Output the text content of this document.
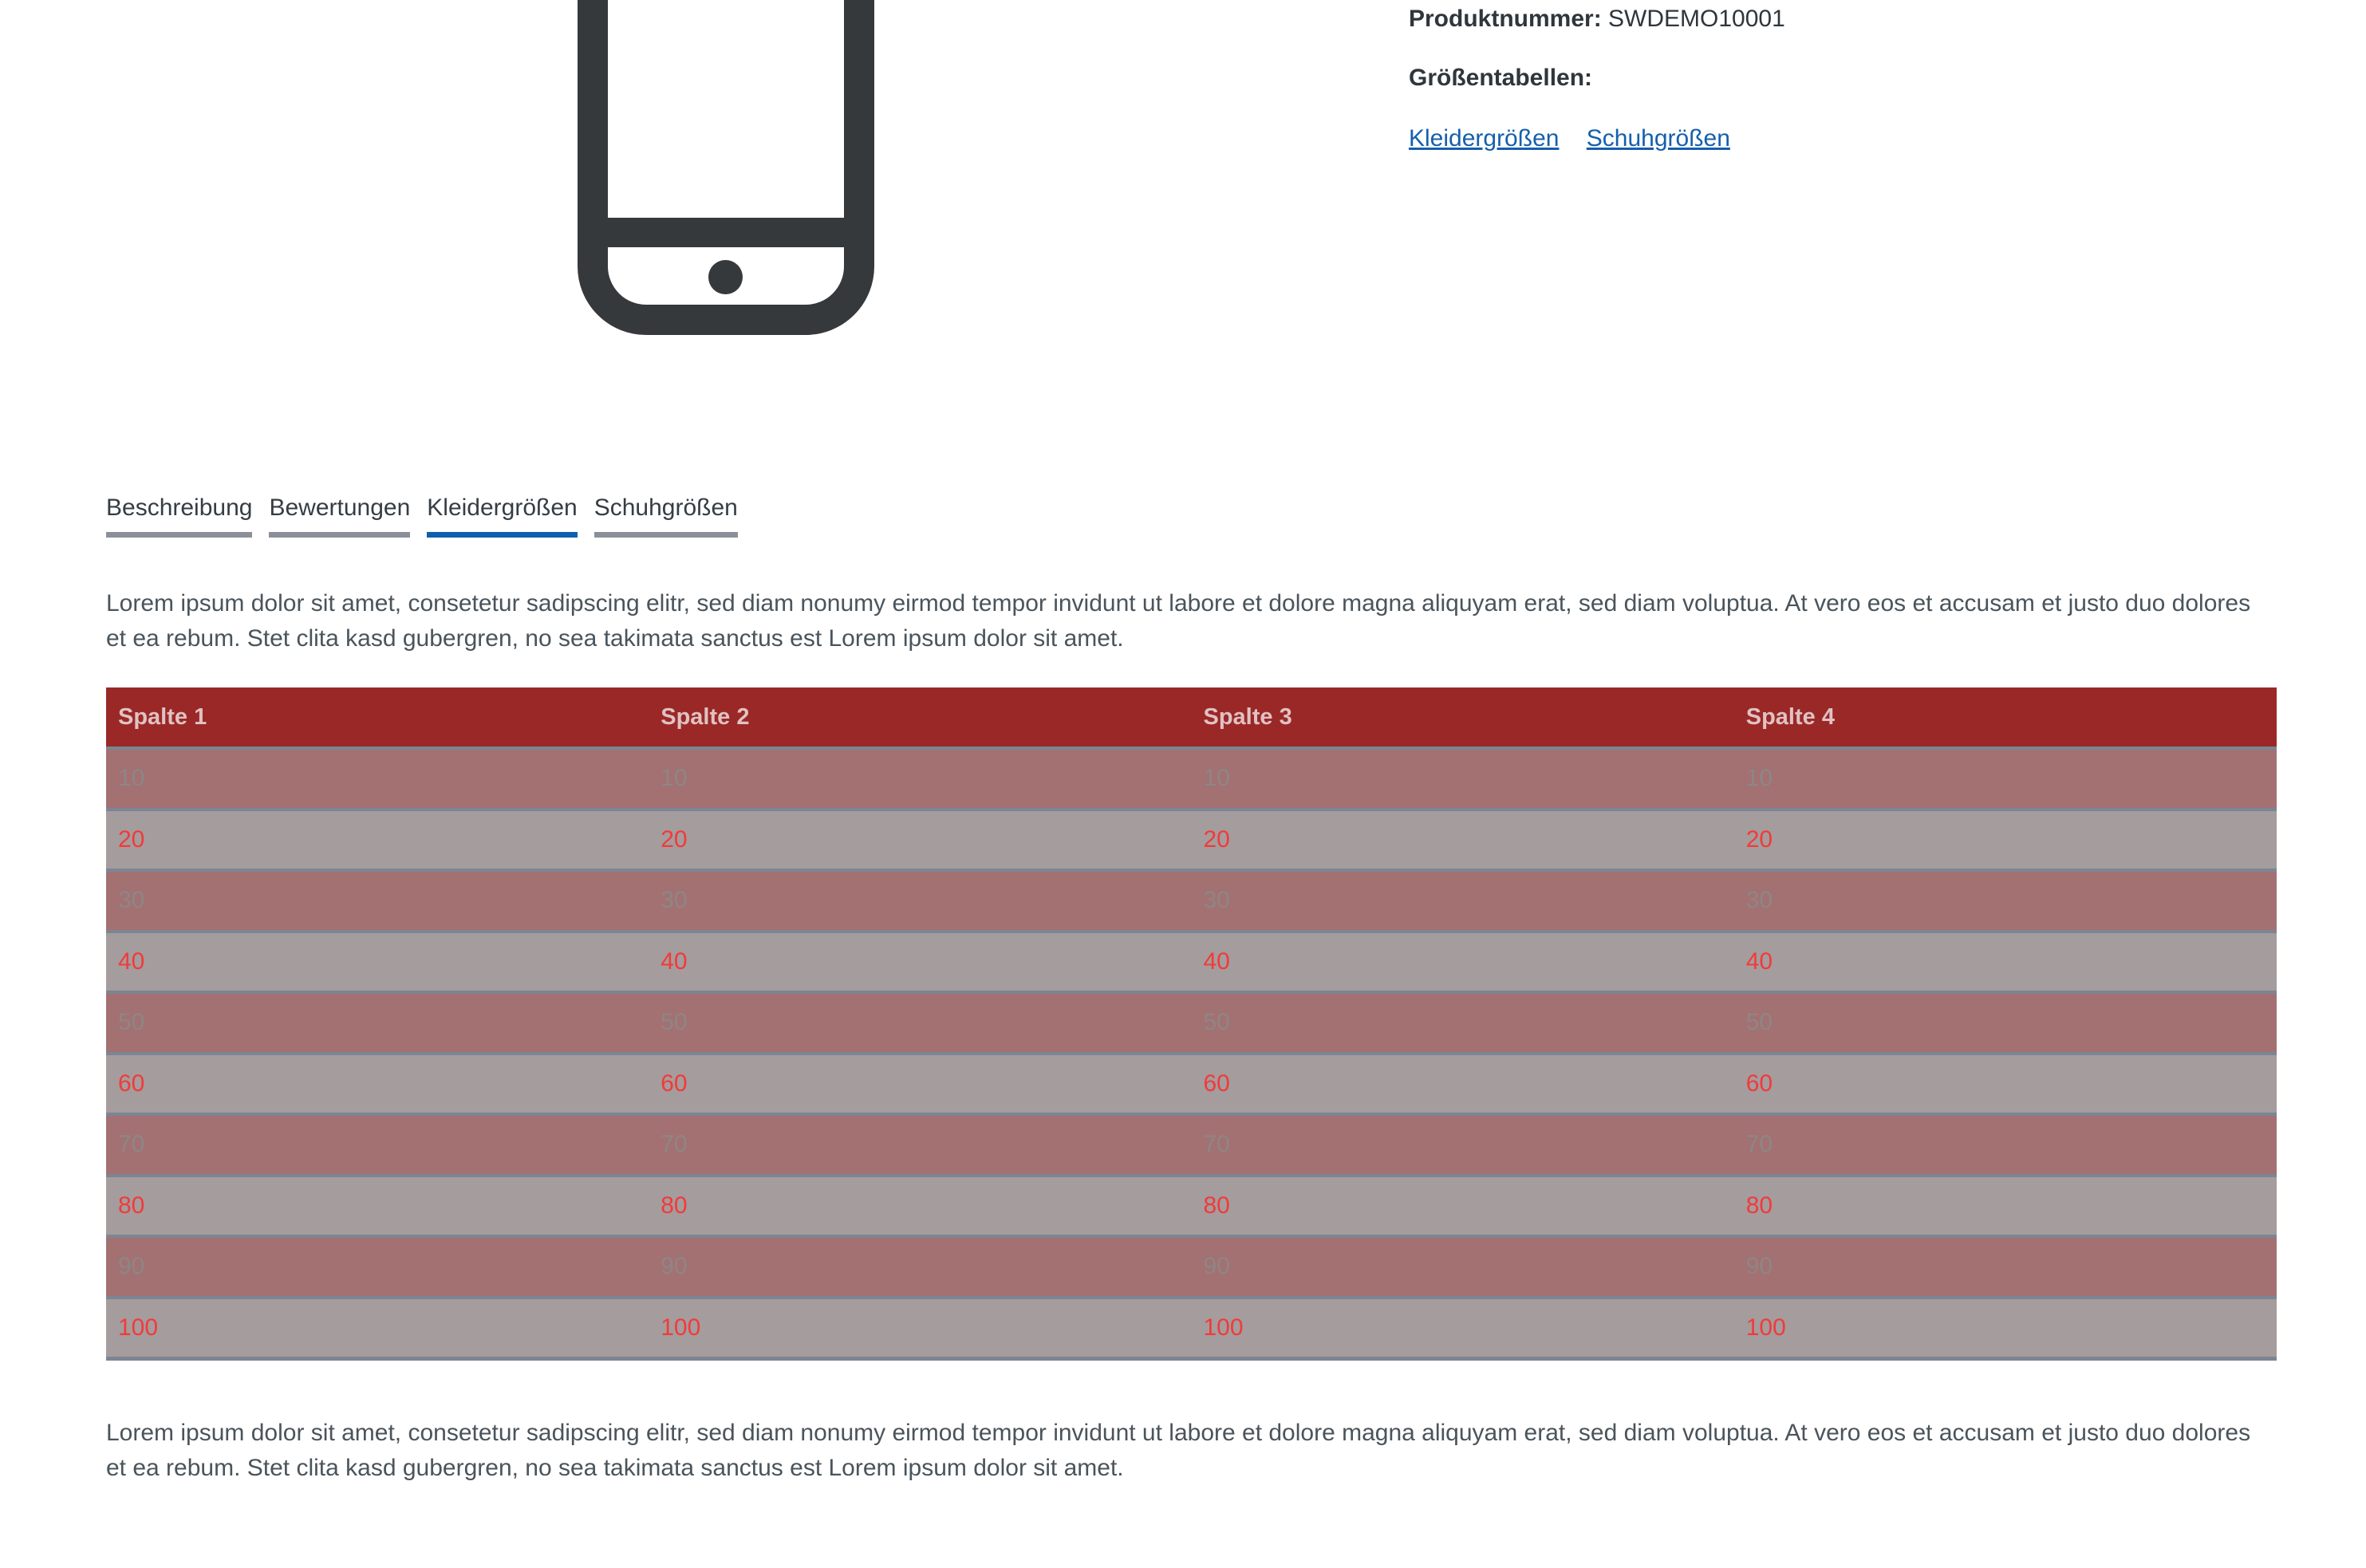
Produktnummer: SWDEMO10001
Größentabellen:
Kleidergrößen Schuhgrößen
Beschreibung Bewertungen Kleidergrößen Schuhgrößen
Lorem ipsum dolor sit amet, consetetur sadipscing elitr, sed diam nonumy eirmod tempor invidunt ut labore et dolore magna aliquyam erat, sed diam voluptua. At vero eos et accusam et justo duo dolores et ea rebum. Stet clita kasd gubergren, no sea takimata sanctus est Lorem ipsum dolor sit amet.
Spalte 1	Spalte 2	Spalte 3	Spalte 4
10	10	10	10
20	20	20	20
30	30	30	30
40	40	40	40
50	50	50	50
60	60	60	60
70	70	70	70
80	80	80	80
90	90	90	90
100	100	100	100
Lorem ipsum dolor sit amet, consetetur sadipscing elitr, sed diam nonumy eirmod tempor invidunt ut labore et dolore magna aliquyam erat, sed diam voluptua. At vero eos et accusam et justo duo dolores et ea rebum. Stet clita kasd gubergren, no sea takimata sanctus est Lorem ipsum dolor sit amet.
